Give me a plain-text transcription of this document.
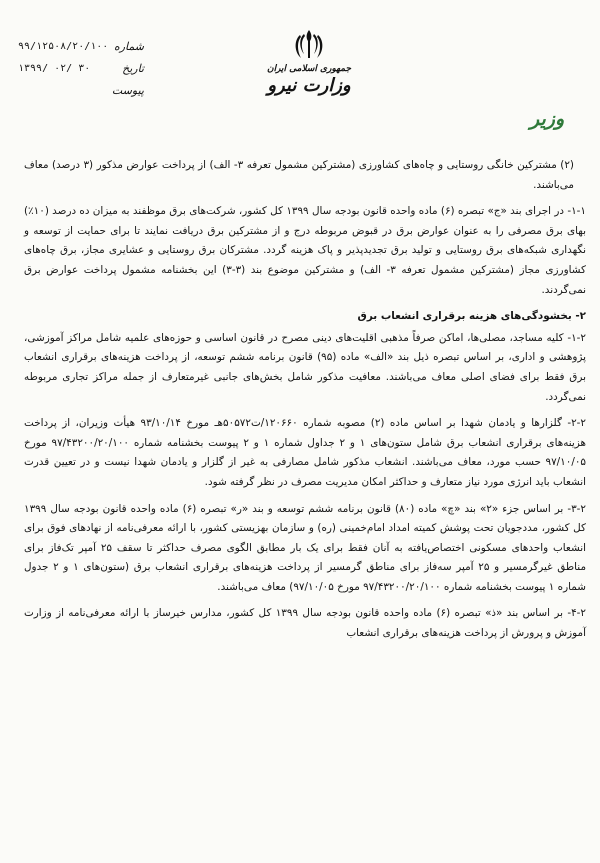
شماره
۹۹/۱۲۵۰۸/۲۰/۱۰۰
تاریخ
۱۳۹۹/ ۰۲/ ۳۰
پیوست
جمهوری اسلامی ایران
وزارت نیرو
وزیر

(۲) مشترکین خانگی روستایی و چاه‌های کشاورزی (مشترکین مشمول تعرفه ۳- الف) از پرداخت عوارض مذکور (۳ درصد) معاف می‌باشند.

۱-۱- در اجرای بند «ج» تبصره (۶) ماده واحده قانون بودجه سال ۱۳۹۹ کل کشور، شرکت‌های برق موظفند به میزان ده درصد (۱۰٪) بهای برق مصرفی را به عنوان عوارض برق در قبوض مربوطه درج و از مشترکین برق دریافت نمایند تا برای حمایت از توسعه و نگهداری شبکه‌های برق روستایی و تولید برق تجدیدپذیر و پاک هزینه گردد. مشترکان برق روستایی و عشایری مجاز، برق چاه‌های کشاورزی مجاز (مشترکین مشمول تعرفه ۳- الف) و مشترکین موضوع بند (۳-۳) این بخشنامه مشمول پرداخت عوارض برق نمی‌گردند.

۲- بخشودگی‌های هزینه برقراری انشعاب برق

۱-۲- کلیه مساجد، مصلی‌ها، اماکن صرفاً مذهبی اقلیت‌های دینی مصرح در قانون اساسی و حوزه‌های علمیه شامل مراکز آموزشی، پژوهشی و اداری، بر اساس تبصره ذیل بند «الف» ماده (۹۵) قانون برنامه ششم توسعه، از پرداخت هزینه‌های برقراری انشعاب برق فقط برای فضای اصلی معاف می‌باشند. معافیت مذکور شامل بخش‌های جانبی غیرمتعارف از جمله مراکز تجاری مربوطه نمی‌گردد.

۲-۲- گلزارها و یادمان شهدا بر اساس ماده (۲) مصوبه شماره ۱۲۰۶۶۰/ت۵۰۵۷۲هـ مورخ ۹۳/۱۰/۱۴ هیأت وزیران، از پرداخت هزینه‌های برقراری انشعاب برق شامل ستون‌های ۱ و ۲ جداول شماره ۱ و ۲ پیوست بخشنامه شماره ۹۷/۴۳۲۰۰/۲۰/۱۰۰ مورخ ۹۷/۱۰/۰۵ حسب مورد، معاف می‌باشند. انشعاب مذکور شامل مصارفی به غیر از گلزار و یادمان شهدا نیست و در تعیین قدرت انشعاب باید انرژی مورد نیاز متعارف و حداکثر امکان مدیریت مصرف در نظر گرفته شود.

۳-۲- بر اساس جزء «۲» بند «چ» ماده (۸۰) قانون برنامه ششم توسعه و بند «ر» تبصره (۶) ماده واحده قانون بودجه سال ۱۳۹۹ کل کشور، مددجویان تحت پوشش کمیته امداد امام‌خمینی (ره) و سازمان بهزیستی کشور، با ارائه معرفی‌نامه از نهادهای فوق برای انشعاب واحدهای مسکونی اختصاص‌یافته به آنان فقط برای یک بار مطابق الگوی مصرف حداکثر تا سقف ۲۵ آمپر تک‌فاز برای مناطق غیرگرمسیر و ۲۵ آمپر سه‌فاز برای مناطق گرمسیر از پرداخت هزینه‌های برقراری انشعاب برق (ستون‌های ۱ و ۲ جدول شماره ۱ پیوست بخشنامه شماره ۹۷/۴۳۲۰۰/۲۰/۱۰۰ مورخ ۹۷/۱۰/۰۵) معاف می‌باشند.

۴-۲- بر اساس بند «ذ» تبصره (۶) ماده واحده قانون بودجه سال ۱۳۹۹ کل کشور، مدارس خیرساز با ارائه معرفی‌نامه از وزارت آموزش و پرورش از پرداخت هزینه‌های برقراری انشعاب
